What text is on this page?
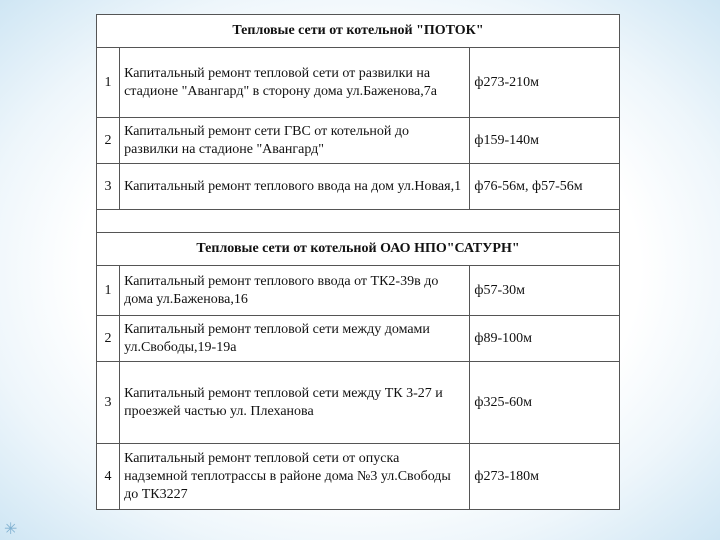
Тепловые сети от котельной "ПОТОК"		
1	Капитальный ремонт тепловой сети от развилки на стадионе "Авангард" в сторону дома ул.Баженова,7а	ф273-210м
2	Капитальный ремонт сети ГВС от котельной до развилки на стадионе "Авангард"	ф159-140м
3	Капитальный ремонт теплового ввода на дом ул.Новая,1	ф76-56м, ф57-56м

Тепловые сети от котельной ОАО НПО"САТУРН"		
1	Капитальный ремонт теплового ввода от ТК2-39в до дома ул.Баженова,16	ф57-30м
2	Капитальный ремонт тепловой сети между домами ул.Свободы,19-19а	ф89-100м
3	Капитальный ремонт тепловой сети между ТК 3-27 и проезжей частью ул. Плеханова	ф325-60м
4	Капитальный ремонт тепловой сети от опуска надземной теплотрассы в районе дома №3 ул.Свободы до ТК3227	ф273-180м
✳
